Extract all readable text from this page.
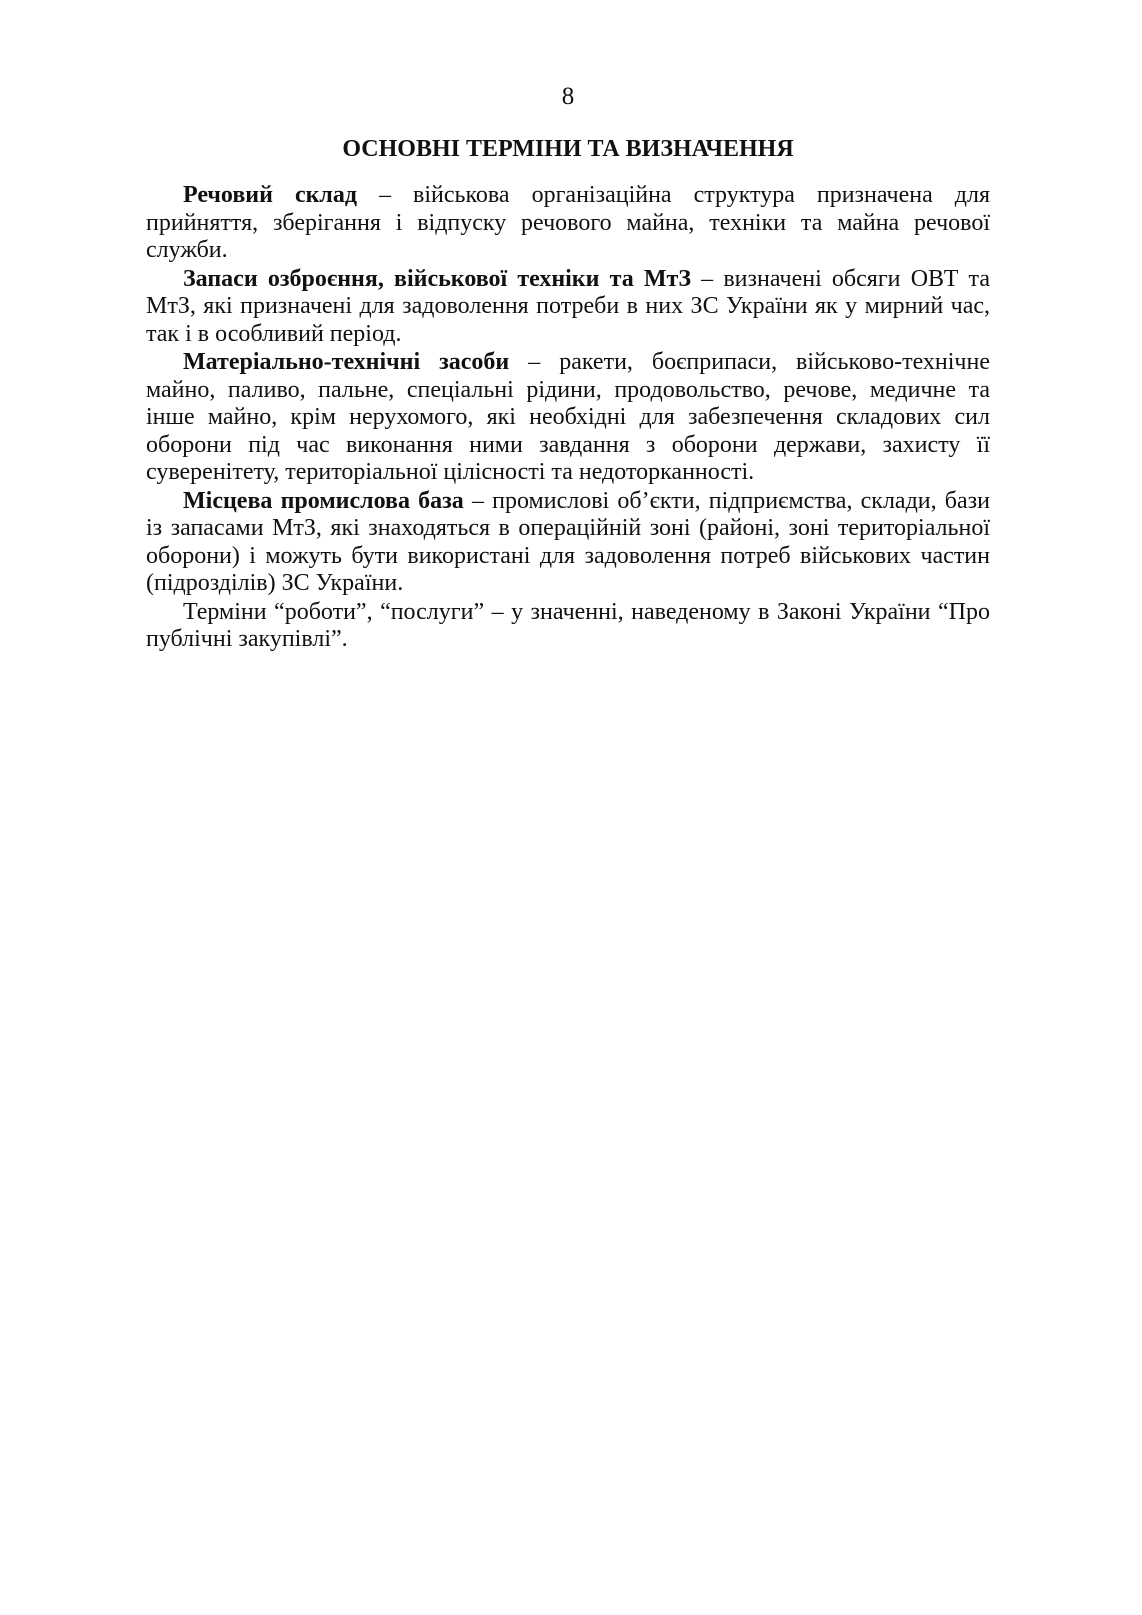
8
ОСНОВНІ ТЕРМІНИ ТА ВИЗНАЧЕННЯ

Речовий склад – військова організаційна структура призначена для прийняття, зберігання і відпуску речового майна, техніки та майна речової служби.

Запаси озброєння, військової техніки та МтЗ – визначені обсяги ОВТ та МтЗ, які призначені для задоволення потреби в них ЗС України як у мирний час, так і в особливий період.

Матеріально-технічні засоби – ракети, боєприпаси, військово-технічне майно, паливо, пальне, спеціальні рідини, продовольство, речове, медичне та інше майно, крім нерухомого, які необхідні для забезпечення складових сил оборони під час виконання ними завдання з оборони держави, захисту її суверенітету, територіальної цілісності та недоторканності.

Місцева промислова база – промислові об’єкти, підприємства, склади, бази із запасами МтЗ, які знаходяться в операційній зоні (районі, зоні територіальної оборони) і можуть бути використані для задоволення потреб військових частин (підрозділів) ЗС України.

Терміни “роботи”, “послуги” – у значенні, наведеному в Законі України “Про публічні закупівлі”.
